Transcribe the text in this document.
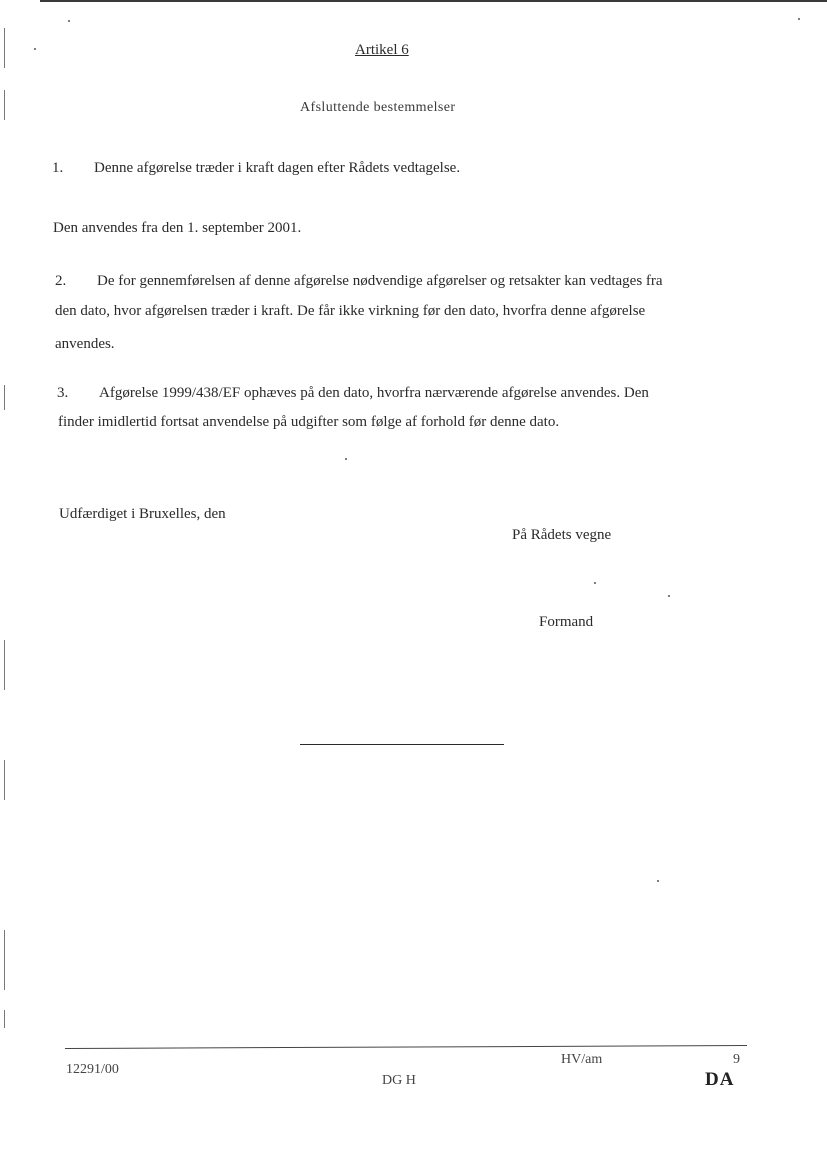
Artikel 6
Afsluttende bestemmelser
1. Denne afgørelse træder i kraft dagen efter Rådets vedtagelse.
Den anvendes fra den 1. september 2001.
2. De for gennemførelsen af denne afgørelse nødvendige afgørelser og retsakter kan vedtages fra
den dato, hvor afgørelsen træder i kraft. De får ikke virkning før den dato, hvorfra denne afgørelse
anvendes.
3. Afgørelse 1999/438/EF ophæves på den dato, hvorfra nærværende afgørelse anvendes. Den
finder imidlertid fortsat anvendelse på udgifter som følge af forhold før denne dato.
Udfærdiget i Bruxelles, den
På Rådets vegne
Formand
12291/00
HV/am	9
DG H	DA
